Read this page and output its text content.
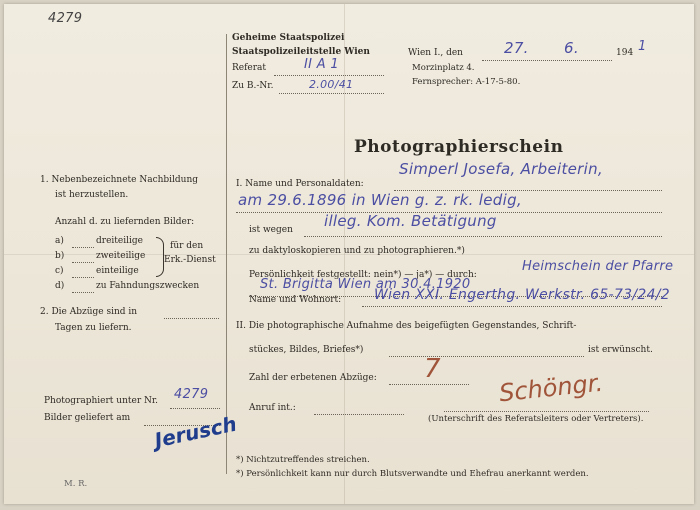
4279
Geheime Staatspolizei
Staatspolizeileitstelle Wien
Referat	II A 1
Zu B.-Nr.	2.00/41
Wien I., den	27. 6.	194 1
Morzinplatz 4.
Fernsprecher: A-17-5-80.
Photographierschein
1. Nebenbezeichnete Nachbildung
ist herzustellen.
Anzahl d. zu liefernden Bilder:
a)	dreiteilige
b)	zweiteilige
c)	einteilige
d)	zu Fahndungszwecken
für den
Erk.-Dienst
2. Die Abzüge sind in
Tagen zu liefern.
Photographiert unter Nr. 4279
Bilder geliefert am Jerusch
M. R.
I. Name und Personaldaten:
Simperl Josefa, Arbeiterin,
am 29.6.1896 in Wien g. z. rk. ledig,
ist wegen illeg. Kom. Betätigung
zu daktyloskopieren und zu photographieren.*)
Persönlichkeit festgestellt: nein*) — ja*) — durch:
Heimschein der Pfarre
St. Brigitta Wien am 30.4.1920
Name und Wohnort: Wien XXI. Engerthg. Werkstr. 65-73/24/2
II. Die photographische Aufnahme des beigefügten Gegenstandes, Schrift-
stückes, Bildes, Briefes*)	ist erwünscht.
Zahl der erbetenen Abzüge: 7
Anruf int.:
Schöngr.
(Unterschrift des Referatsleiters oder Vertreters).
*) Nichtzutreffendes streichen.
*) Persönlichkeit kann nur durch Blutsverwandte und Ehefrau anerkannt werden.
